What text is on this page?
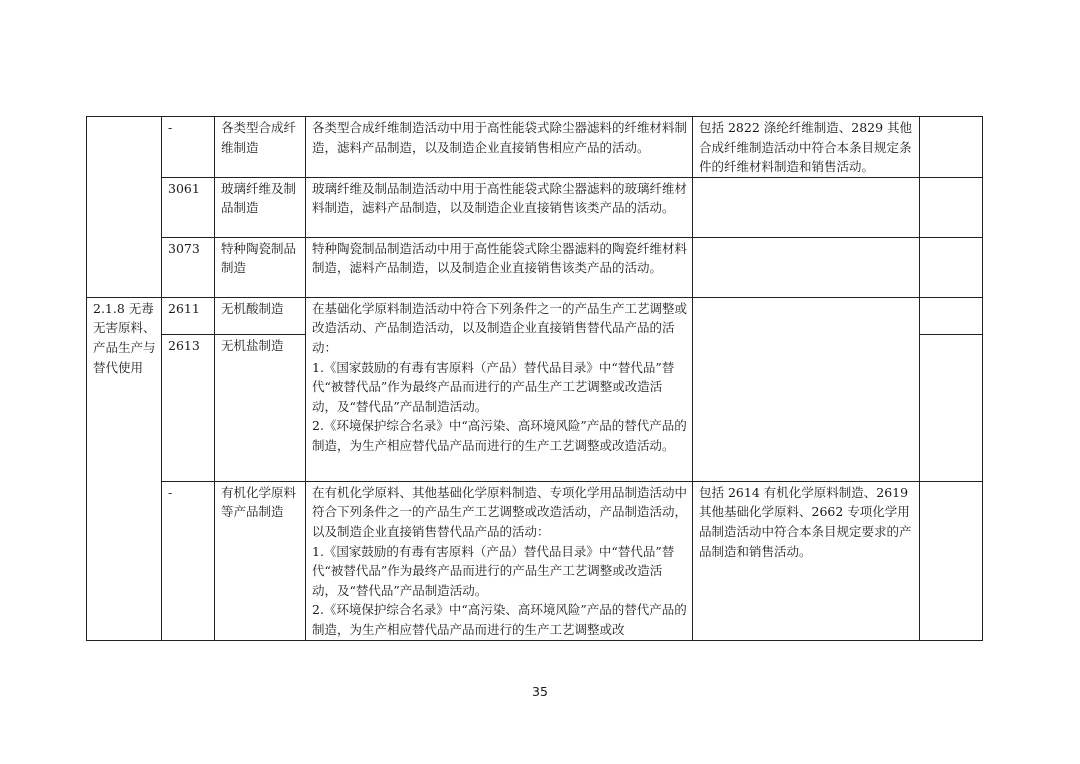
	-	各类型合成纤维制造	各类型合成纤维制造活动中用于高性能袋式除尘器滤料的纤维材料制造，滤料产品制造，以及制造企业直接销售相应产品的活动。	包括 2822 涤纶纤维制造、2829 其他合成纤维制造活动中符合本条目规定条件的纤维材料制造和销售活动。	
	3061	玻璃纤维及制品制造	玻璃纤维及制品制造活动中用于高性能袋式除尘器滤料的玻璃纤维材料制造，滤料产品制造，以及制造企业直接销售该类产品的活动。		

	3073	特种陶瓷制品制造	特种陶瓷制品制造活动中用于高性能袋式除尘器滤料的陶瓷纤维材料制造，滤料产品制造，以及制造企业直接销售该类产品的活动。		

2.1.8 无毒无害原料、产品生产与替代使用	2611	无机酸制造	在基础化学原料制造活动中符合下列条件之一的产品生产工艺调整或改造活动、产品制造活动，以及制造企业直接销售替代品产品的活动：

1.《国家鼓励的有毒有害原料（产品）替代品目录》中“替代品”替代“被替代品”作为最终产品而进行的产品生产工艺调整或改造活动，及“替代品”产品制造活动。

2.《环境保护综合名录》中“高污染、高环境风险”产品的替代产品的制造，为生产相应替代品产品而进行的生产工艺调整或改造活动。		

	2613	无机盐制造			
	-	有机化学原料等产品制造	在有机化学原料、其他基础化学原料制造、专项化学用品制造活动中符合下列条件之一的产品生产工艺调整或改造活动，产品制造活动，以及制造企业直接销售替代品产品的活动：

1.《国家鼓励的有毒有害原料（产品）替代品目录》中“替代品”替代“被替代品”作为最终产品而进行的产品生产工艺调整或改造活动，及“替代品”产品制造活动。

2.《环境保护综合名录》中“高污染、高环境风险”产品的替代产品的制造，为生产相应替代品产品而进行的生产工艺调整或改	包括 2614 有机化学原料制造、2619 其他基础化学原料、2662 专项化学用品制造活动中符合本条目规定要求的产品制造和销售活动。	
35
